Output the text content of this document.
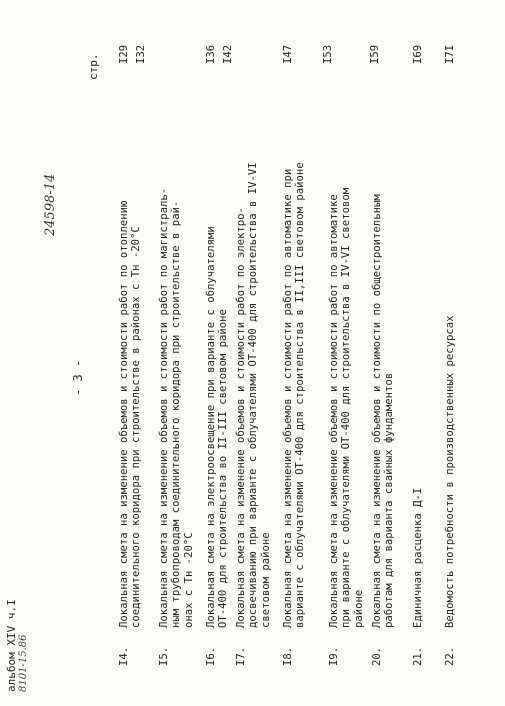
альбом XIV ч.I 8101-15.86
- 3 -
24598-14
стр.
I4.
Локальная смета на изменение объемов и стоимости работ по отоплению соединительного коридора при строительстве в районах с Тн -20°С
I29
I5.
Локальная смета на изменение объемов и стоимости работ по магистраль- ным трубопроводам соединительного коридора при строительстве в рай- онах с Тн -20°С
I32
I6.
Локальная смета на электроосвещение при варианте с облучателями ОТ-400 для строительства во II-III световом районе
I36
I7.
Локальная смета на изменение объемов и стоимости работ по электро- досвечиванию при варианте с облучателями ОТ-400 для строительства в IV-VI световом районе
I42
I8.
Локальная смета на изменение объемов и стоимости работ по автоматике при варианте с облучателями ОТ-400 для строительства в II,III световом районе
I47
I9.
Локальная смета на изменение объемов и стоимости работ по автоматике при варианте с облучателями ОТ-400 для строительства в IV-VI световом районе
I53
20.
Локальная смета на изменение объемов и стоимости по общестроительным работам для варианта свайных фундаментов
I59
21.
Единичная расценка Д-I
I69
22.
Ведомость потребности в производственных ресурсах
I7I
